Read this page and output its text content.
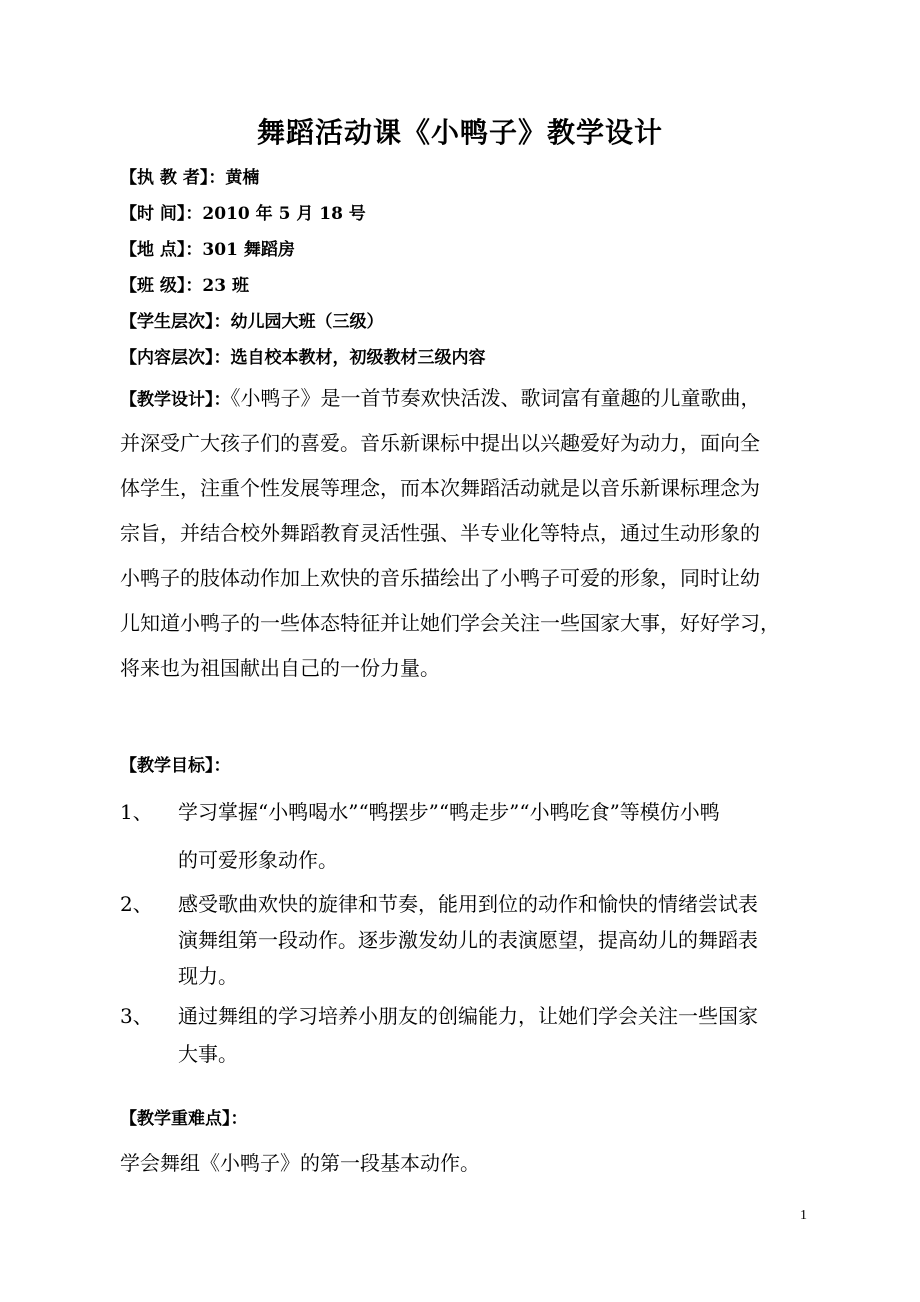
舞蹈活动课《小鸭子》教学设计
【执 教 者】：黄楠
【时 间】：2010 年 5 月 18 号
【地 点】：301 舞蹈房
【班 级】：23 班
【学生层次】：幼儿园大班（三级）
【内容层次】：选自校本教材，初级教材三级内容
【教学设计】：《小鸭子》是一首节奏欢快活泼、歌词富有童趣的儿童歌曲，
并深受广大孩子们的喜爱。音乐新课标中提出以兴趣爱好为动力，面向全
体学生，注重个性发展等理念，而本次舞蹈活动就是以音乐新课标理念为
宗旨，并结合校外舞蹈教育灵活性强、半专业化等特点，通过生动形象的
小鸭子的肢体动作加上欢快的音乐描绘出了小鸭子可爱的形象，同时让幼
儿知道小鸭子的一些体态特征并让她们学会关注一些国家大事，好好学习，
将来也为祖国献出自己的一份力量。
【教学目标】：
1、 学习掌握“小鸭喝水”“鸭摆步”“鸭走步”“小鸭吃食”等模仿小鸭
的可爱形象动作。
2、 感受歌曲欢快的旋律和节奏，能用到位的动作和愉快的情绪尝试表
演舞组第一段动作。逐步激发幼儿的表演愿望，提高幼儿的舞蹈表
现力。
3、 通过舞组的学习培养小朋友的创编能力，让她们学会关注一些国家
大事。
【教学重难点】：
学会舞组《小鸭子》的第一段基本动作。
1
